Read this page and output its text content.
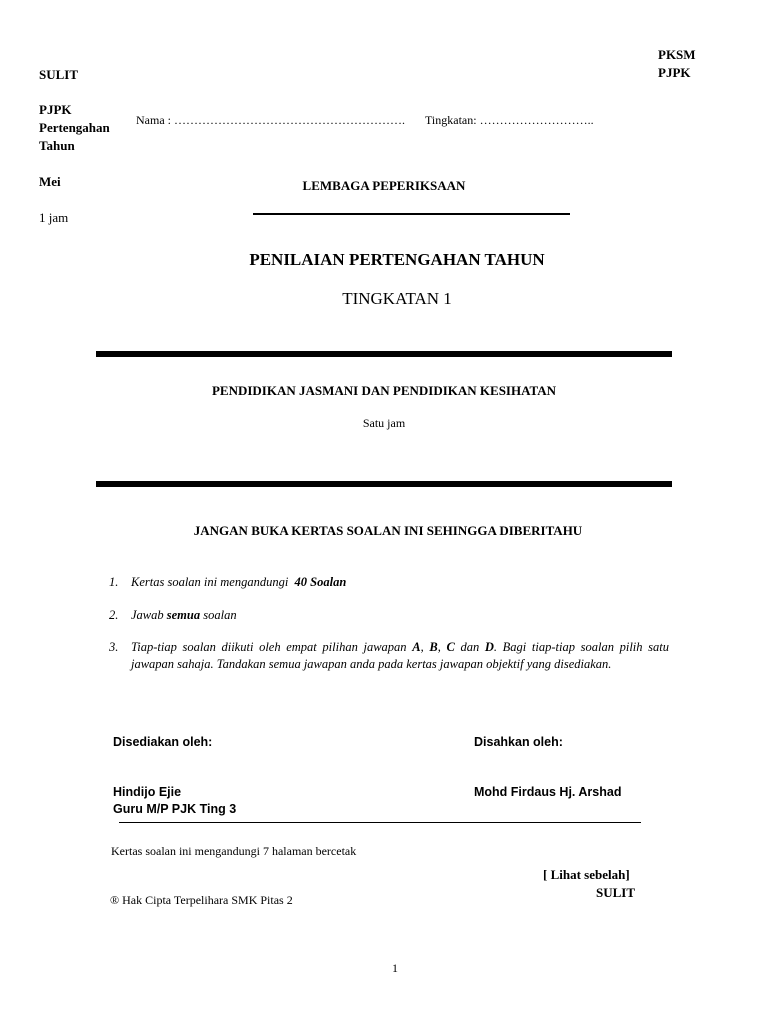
PKSM
PJPK
SULIT
PJPK
Pertengahan
Tahun
Nama : …………………………………………………. Tingkatan: ………………………..
Mei
1 jam
LEMBAGA PEPERIKSAAN
PENILAIAN PERTENGAHAN TAHUN
TINGKATAN 1
PENDIDIKAN JASMANI DAN PENDIDIKAN KESIHATAN
Satu jam
JANGAN BUKA KERTAS SOALAN INI SEHINGGA DIBERITAHU
1. Kertas soalan ini mengandungi 40 Soalan
2. Jawab semua soalan
3. Tiap-tiap soalan diikuti oleh empat pilihan jawapan A, B, C dan D. Bagi tiap-tiap soalan pilih satu jawapan sahaja. Tandakan semua jawapan anda pada kertas jawapan objektif yang disediakan.
Disediakan oleh:	Disahkan oleh:
Hindijo Ejie
Guru M/P PJK Ting 3
Mohd Firdaus Hj. Arshad
Kertas soalan ini mengandungi 7 halaman bercetak
[ Lihat sebelah]
SULIT
® Hak Cipta Terpelihara SMK Pitas 2
1
